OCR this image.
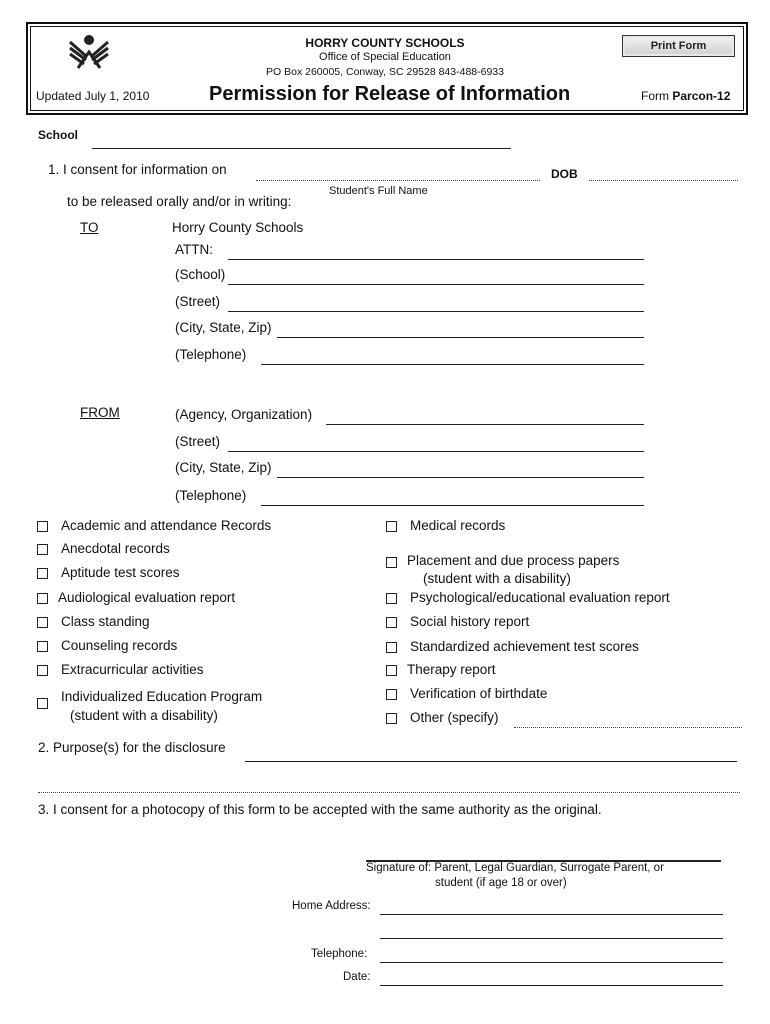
HORRY COUNTY SCHOOLS
Office of Special Education
PO Box 260005, Conway, SC 29528 843-488-6933
Print Form
Updated July 1, 2010	Permission for Release of Information	Form Parcon-12
School
1. I consent for information on	DOB
Student's Full Name
to be released orally and/or in writing:
TO	Horry County Schools
ATTN:
(School)
(Street)
(City, State, Zip)
(Telephone)
FROM	(Agency, Organization)
(Street)
(City, State, Zip)
(Telephone)
Academic and attendance Records
Anecdotal records
Aptitude test scores
Audiological evaluation report
Class standing
Counseling records
Extracurricular activities
Individualized Education Program
(student with a disability)
Medical records
Placement and due process papers
(student with a disability)
Psychological/educational evaluation report
Social history report
Standardized achievement test scores
Therapy report
Verification of birthdate
Other (specify)
2. Purpose(s) for the disclosure
3. I consent for a photocopy of this form to be accepted with the same authority as the original.
Signature of: Parent, Legal Guardian, Surrogate Parent, or
student (if age 18 or over)
Home Address:
Telephone:
Date:
